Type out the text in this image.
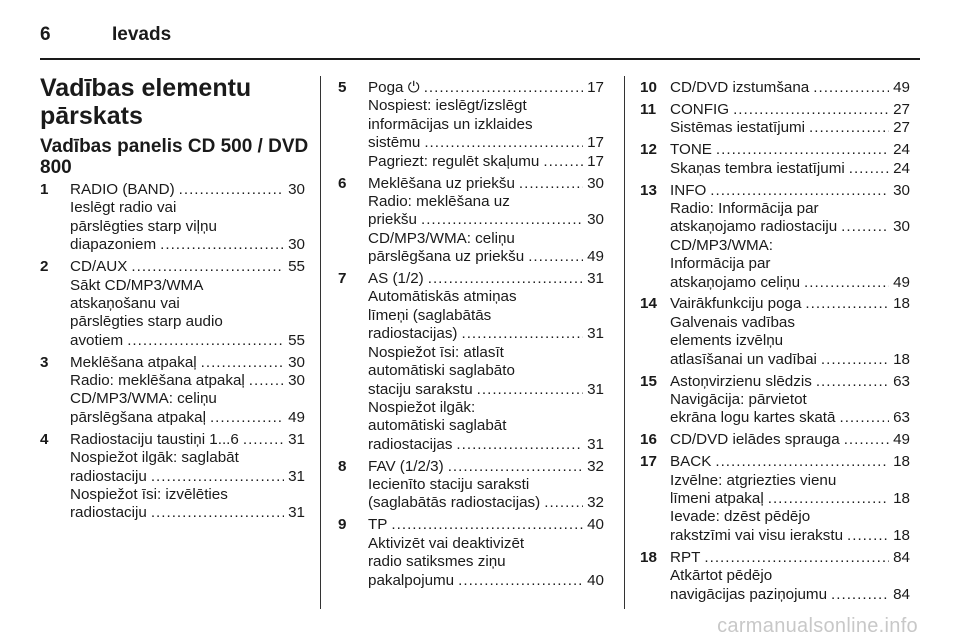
6	Ievads
Vadības elementu pārskats
Vadības panelis CD 500 / DVD 800
1 RADIO (BAND) .....	30
Ieslēgt radio vai
pārslēgties starp viļņu
diapazoniem .....	30
2 CD/AUX .....	55
Sākt CD/MP3/WMA
atskaņošanu vai
pārslēgties starp audio
avotiem .....	55
3 Meklēšana atpakaļ .....	30
Radio: meklēšana atpakaļ .....	30
CD/MP3/WMA: celiņu
pārslēgšana atpakaļ .....	49
4 Radiostaciju taustiņi 1...6 .....	31
Nospiežot ilgāk: saglabāt
radiostaciju .....	31
Nospiežot īsi: izvēlēties
radiostaciju .....	31
5 Poga ⏻ .....	17
Nospiest: ieslēgt/izslēgt
informācijas un izklaides
sistēmu .....	17
Pagriezt: regulēt skaļumu .....	17
6 Meklēšana uz priekšu .....	30
Radio: meklēšana uz
priekšu .....	30
CD/MP3/WMA: celiņu
pārslēgšana uz priekšu .....	49
7 AS (1/2) .....	31
Automātiskās atmiņas
līmeņi (saglabātās
radiostacijas) .....	31
Nospiežot īsi: atlasīt
automātiski saglabāto
staciju sarakstu .....	31
Nospiežot ilgāk:
automātiski saglabāt
radiostacijas .....	31
8 FAV (1/2/3) .....	32
Iecienīto staciju saraksti
(saglabātās radiostacijas) .....	32
9 TP .....	40
Aktivizēt vai deaktivizēt
radio satiksmes ziņu
pakalpojumu .....	40
10 CD/DVD izstumšana .....	49
11 CONFIG .....	27
Sistēmas iestatījumi .....	27
12 TONE .....	24
Skaņas tembra iestatījumi .....	24
13 INFO .....	30
Radio: Informācija par
atskaņojamo radiostaciju .....	30
CD/MP3/WMA:
Informācija par
atskaņojamo celiņu .....	49
14 Vairākfunkciju poga .....	18
Galvenais vadības
elements izvēlņu
atlasīšanai un vadībai .....	18
15 Astoņvirzienu slēdzis .....	63
Navigācija: pārvietot
ekrāna logu kartes skatā .....	63
16 CD/DVD ielādes sprauga .....	49
17 BACK .....	18
Izvēlne: atgriezties vienu
līmeni atpakaļ .....	18
Ievade: dzēst pēdējo
rakstzīmi vai visu ierakstu .....	18
18 RPT .....	84
Atkārtot pēdējo
navigācijas paziņojumu .....	84
carmanualsonline.info
